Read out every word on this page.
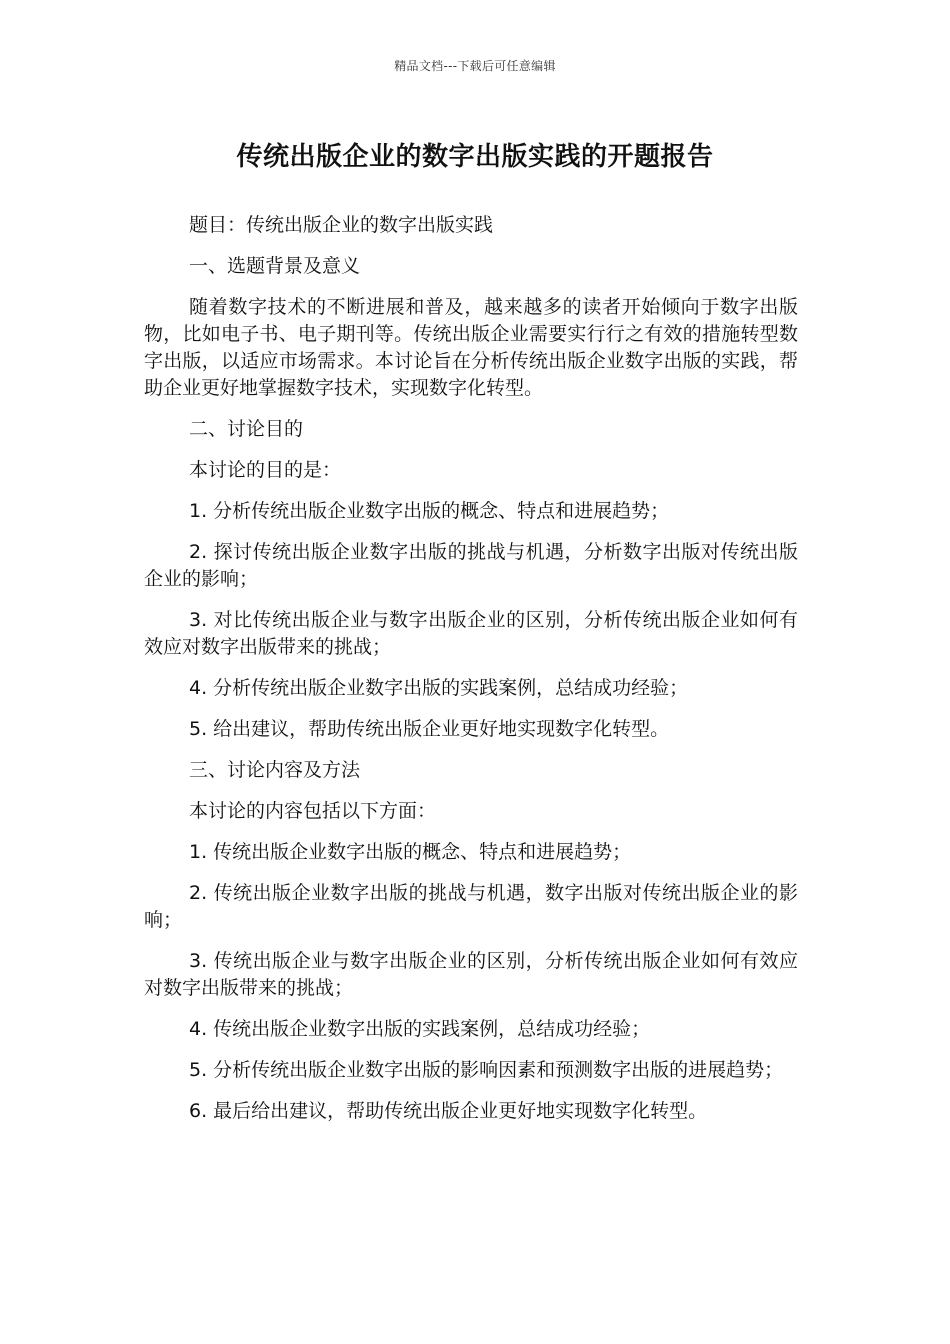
精品文档---下载后可任意编辑
传统出版企业的数字出版实践的开题报告

题目：传统出版企业的数字出版实践

一、选题背景及意义

随着数字技术的不断进展和普及，越来越多的读者开始倾向于数字出版物，比如电子书、电子期刊等。传统出版企业需要实行行之有效的措施转型数字出版，以适应市场需求。本讨论旨在分析传统出版企业数字出版的实践，帮助企业更好地掌握数字技术，实现数字化转型。

二、讨论目的

本讨论的目的是：

1. 分析传统出版企业数字出版的概念、特点和进展趋势；

2. 探讨传统出版企业数字出版的挑战与机遇，分析数字出版对传统出版企业的影响；

3. 对比传统出版企业与数字出版企业的区别，分析传统出版企业如何有效应对数字出版带来的挑战；

4. 分析传统出版企业数字出版的实践案例，总结成功经验；

5. 给出建议，帮助传统出版企业更好地实现数字化转型。

三、讨论内容及方法

本讨论的内容包括以下方面：

1. 传统出版企业数字出版的概念、特点和进展趋势；

2. 传统出版企业数字出版的挑战与机遇，数字出版对传统出版企业的影响；

3. 传统出版企业与数字出版企业的区别，分析传统出版企业如何有效应对数字出版带来的挑战；

4. 传统出版企业数字出版的实践案例，总结成功经验；

5. 分析传统出版企业数字出版的影响因素和预测数字出版的进展趋势；

6. 最后给出建议，帮助传统出版企业更好地实现数字化转型。
